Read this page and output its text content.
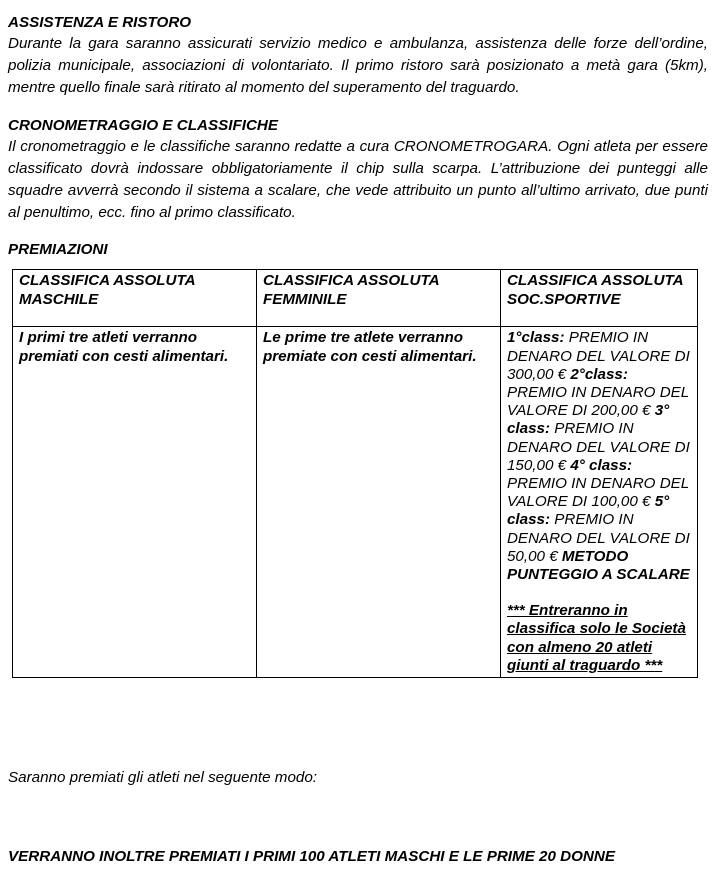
ASSISTENZA E RISTORO

Durante la gara saranno assicurati servizio medico e ambulanza, assistenza delle forze dell’ordine, polizia municipale, associazioni di volontariato. Il primo ristoro sarà posizionato a metà gara (5km), mentre quello finale sarà ritirato al momento del superamento del traguardo.

CRONOMETRAGGIO E CLASSIFICHE

Il cronometraggio e le classifiche saranno redatte a cura CRONOMETROGARA. Ogni atleta per essere classificato dovrà indossare obbligatoriamente il chip sulla scarpa. L’attribuzione dei punteggi alle squadre avverrà secondo il sistema a scalare, che vede attribuito un punto all’ultimo arrivato, due punti al penultimo, ecc. fino al primo classificato.

PREMIAZIONI
CLASSIFICA ASSOLUTA MASCHILE	CLASSIFICA ASSOLUTA FEMMINILE	CLASSIFICA ASSOLUTA SOC.SPORTIVE
I primi tre atleti verranno premiati con cesti alimentari.	Le prime tre atlete verranno premiate con cesti alimentari.	1°class: PREMIO IN DENARO DEL VALORE DI 300,00 € 2°class: PREMIO IN DENARO DEL VALORE DI 200,00 € 3° class: PREMIO IN DENARO DEL VALORE DI 150,00 € 4° class: PREMIO IN DENARO DEL VALORE DI 100,00 € 5° class: PREMIO IN DENARO DEL VALORE DI 50,00 € METODO PUNTEGGIO A SCALARE
*** Entreranno in classifica solo le Società con almeno 20 atleti giunti al traguardo ***
Saranno premiati gli atleti nel seguente modo:
VERRANNO INOLTRE PREMIATI I PRIMI 100 ATLETI MASCHI E LE PRIME 20 DONNE
